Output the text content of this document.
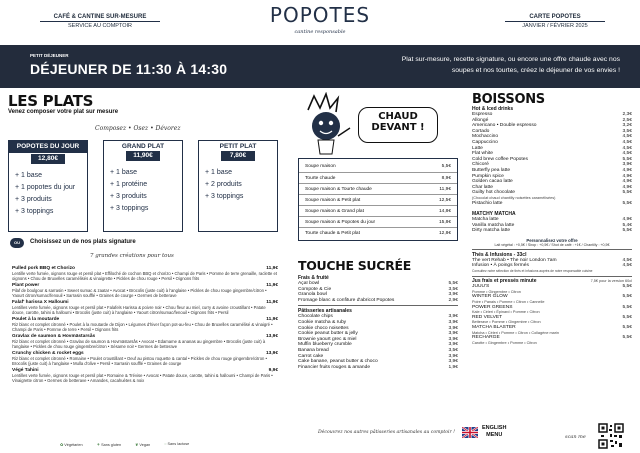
CAFÉ & CANTINE SUR-MESURE
SERVICE AU COMPTOIR	POPOTES
cantine responsable
CARTE POPOTES
JANVIER / FÉVRIER 2025
PETIT DÉJEUNER
DÉJEUNER DE 11:30 À 14:30
Plat sur-mesure, recette signature, ou encore une offre chaude avec nos
soupes et nos tourtes, créez le déjeuner de vos envies !
LES PLATS
Venez composer votre plat sur mesure
Composez • Osez • Dévorez
POPOTES DU JOUR
12,80€
+ 1 base
+ 1 popotes du jour
+ 3 produits
+ 3 toppings
GRAND PLAT
11,90€
+ 1 base
+ 1 protéine
+ 3 produits
+ 3 toppings
PETIT PLAT
7,80€
+ 1 base
+ 2 produits
+ 3 toppings
OU	Choisissez un de nos plats signature
7 grandes créations pour tous
Pulled pork BBQ et Chorizo	11,9€
Lentille verte fumée, oignons rouge et persil plat • Effiloché de cochon BBQ et chorizo • Champi de Paris • Pomme de terre grenaille, raclette et oignons • Chou de Bruxelles caramélisés & vinaigrette • Pickles de chou rouge • Persil • Oignons frits
Plant power	11,9€
Pilaf de boulgour & sarrasin • Sweet sumac & zaatar • Avocat • Brocolis (juste cuit) à l'anglaise • Pickles de chou rouge gingembre/citron • Yaourt citron/sumac/fenouil • Sarrasin soufflé • Graines de courge • Germes de betterave
Falaf' harissa X Halloumi	11,9€
Lentilles verte fumée, oignons rouge et persil plat • Falafels Harissa & poivre noir • Chou fleur au miel, curry & avoine croustillant • Patate douce, carotte, tahini & halloumi • Brocolis (juste cuit) à l'anglaise • Yaourt citron/sumac/fenouil • Oignons frits • Persil
Poulet à la moutarde	11,9€
Riz blanc et complet citronné • Poulet à la moutarde de Dijon • Légumes d'hiver façon pot-au-feu • Chou de Bruxelles caramélisé & vinaigré • Champi de Paris • Pomme de terre • Persil • Oignons frits
Gravlax de saumon & Hovmästarsås	13,9€
Riz blanc et complet citronné • Gravlax de saumon & Hovmästarsås • Avocat • Edamame & ananas au gingembre • Brocolis (juste cuit) à l'anglaise • Pickles de chou rouge gingembre/citron • Sésame noir • Germes de betterave
Crunchy chicken & rocket eggs	13,9€
Riz blanc et complet citronné • Romaine • Poulet croustillant • Oeuf au pistou roquette & cantal • Pickles de chou rouge gingembre/citron • Brocolis (juste cuit) à l'anglaise • Mulla d'olive • Persil • Sarrasin soufflé • Graines de courge
Végé Tahini	9,9€
Lentilles verte fumée, oignons rouge et persil plat • Romaine & Trévise • Avocat • Patate douce, carotte, tahini & halloumi • Champi de Paris • Vinaigrette citron • Germes de betterave • Amandes, cacahuètes & noix
✿ Végétarien	⚘ Sans gluten	❦ Vegan	◌ Sans lactose
CHAUD
DEVANT !
Soupe maison	5,5€
Tourte chaude	8,9€
Soupe maison & Tourte chaude	11,9€
Soupe maison & Petit plat	12,5€
Soupe maison & Grand plat	14,8€
Soupe maison & Popotes du jour	15,8€
Tourte chaude & Petit plat	12,8€
TOUCHE SUCRÉE
Frais & fruité
Açaï bowl	5,5€
Compote & Cie	3,5€
Granola bowl	3,9€
Fromage blanc & confiture d'abricot Popotes	2,9€
Pâtisseries artisanales
Chocolate chips	3,9€
Cookie matcha & ruby	3,9€
Cookie choco noisettes	3,9€
Cookie peanut butter & jelly	3,9€
Brownie yaourt grec & miel	3,9€
Muffin blueberry crumble	3,9€
Banana bread	3,5€
Carrot cake	3,9€
Cake banane, peanut butter & choco	3,9€
Financier fruits rouges & amande	1,9€
Découvrez nos autres pâtisseries artisanales au comptoir !
BOISSONS
Hot & Iced drinks
Espresso	2,3€
Allongé	2,5€
Americano • Double espresso	3,2€
Cortado	3,5€
Mochaccino	4,5€
Cappuccino	4,5€
Latte	4,5€
Flat white	4,5€
Cold brew coffee Popotes	5,5€
Chicoré	3,9€
Butterfly pea latte	4,9€
Pumpkin spice	4,9€
Golden cacao latte	4,9€
Chaï latte	4,9€
Guilty hot chocolate	5,5€
(Chocolat chaud chantilly noisettes caramélisées)
Pistachio latte	5,5€
MATCHY MATCHA
Matcha latte	4,9€
Vanilla matcha latte	5,4€
Dirty matcha latte	5,5€
Personnalisez votre offre
Lait végétal : +0,5€ / Sirop : +0,5€ / Shot de café : +1€ / Chantilly : +0,5€
Thés & Infusions - 33cl
The vert Rehab • The noir London 7am	4,5€
Infusion • À poings fermés	4,5€
Consultez notre sélection de thés et infusions auprès de notre responsable cuisine
Jus frais et pressés minute	7,5€ pour la version 60cl
JUUU'S	5,5€
Pomme • Gingembre • Citron
WINTER GLOW	5,5€
Poire • Panais • Pomme • Citron • Cannelle
POWER GREENS	5,5€
Kale • Céleri • Épinard • Pomme • Citron
RED VELVET	5,5€
Betterave • Pomme • Gingembre • Citron
MATCHA BLASTER	5,5€
Matcha • Céleri • Pomme • Citron • Collagène marin
RECHARGE	5,5€
Carotte • Gingembre • Pomme • Citron
ENGLISH
MENU	scan me
